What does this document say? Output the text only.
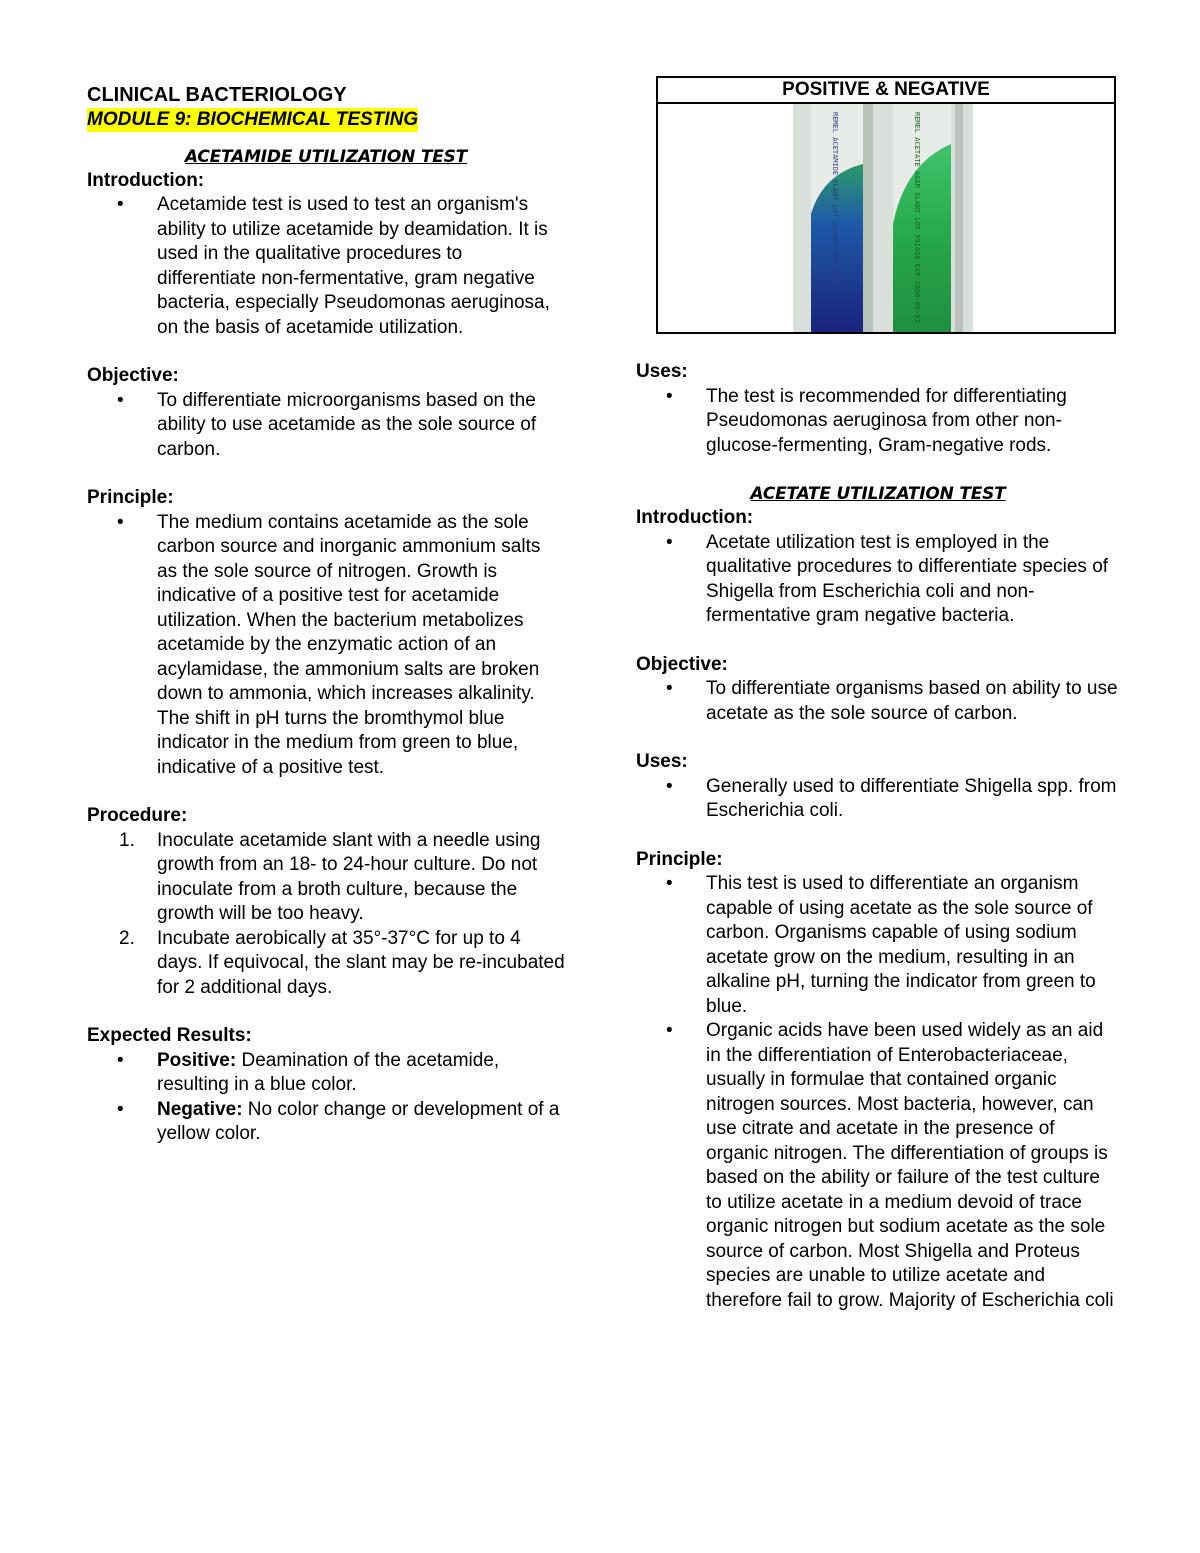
CLINICAL BACTERIOLOGY
MODULE 9: BIOCHEMICAL TESTING
ACETAMIDE UTILIZATION TEST
Introduction:
• Acetamide test is used to test an organism's ability to utilize acetamide by deamidation. It is used in the qualitative procedures to differentiate non-fermentative, gram negative bacteria, especially Pseudomonas aeruginosa, on the basis of acetamide utilization.
Objective:
• To differentiate microorganisms based on the ability to use acetamide as the sole source of carbon.
Principle:
• The medium contains acetamide as the sole carbon source and inorganic ammonium salts as the sole source of nitrogen. Growth is indicative of a positive test for acetamide utilization. When the bacterium metabolizes acetamide by the enzymatic action of an acylamidase, the ammonium salts are broken down to ammonia, which increases alkalinity. The shift in pH turns the bromthymol blue indicator in the medium from green to blue, indicative of a positive test.
Procedure:
1. Inoculate acetamide slant with a needle using growth from an 18- to 24-hour culture. Do not inoculate from a broth culture, because the growth will be too heavy.
2. Incubate aerobically at 35°-37°C for up to 4 days. If equivocal, the slant may be re-incubated for 2 additional days.
Expected Results:
• Positive: Deamination of the acetamide, resulting in a blue color.
• Negative: No color change or development of a yellow color.
POSITIVE & NEGATIVE
REMEL ACETAMIDE SLANT LOT 591008 EXP 2006-07	REMEL ACETATE AGAR SLANT LOT 591008 EXP 2006-05-07
Uses:
• The test is recommended for differentiating Pseudomonas aeruginosa from other non-glucose-fermenting, Gram-negative rods.
ACETATE UTILIZATION TEST
Introduction:
• Acetate utilization test is employed in the qualitative procedures to differentiate species of Shigella from Escherichia coli and non-fermentative gram negative bacteria.
Objective:
• To differentiate organisms based on ability to use acetate as the sole source of carbon.
Uses:
• Generally used to differentiate Shigella spp. from Escherichia coli.
Principle:
• This test is used to differentiate an organism capable of using acetate as the sole source of carbon. Organisms capable of using sodium acetate grow on the medium, resulting in an alkaline pH, turning the indicator from green to blue.
• Organic acids have been used widely as an aid in the differentiation of Enterobacteriaceae, usually in formulae that contained organic nitrogen sources. Most bacteria, however, can use citrate and acetate in the presence of organic nitrogen. The differentiation of groups is based on the ability or failure of the test culture to utilize acetate in a medium devoid of trace organic nitrogen but sodium acetate as the sole source of carbon. Most Shigella and Proteus species are unable to utilize acetate and therefore fail to grow. Majority of Escherichia coli
